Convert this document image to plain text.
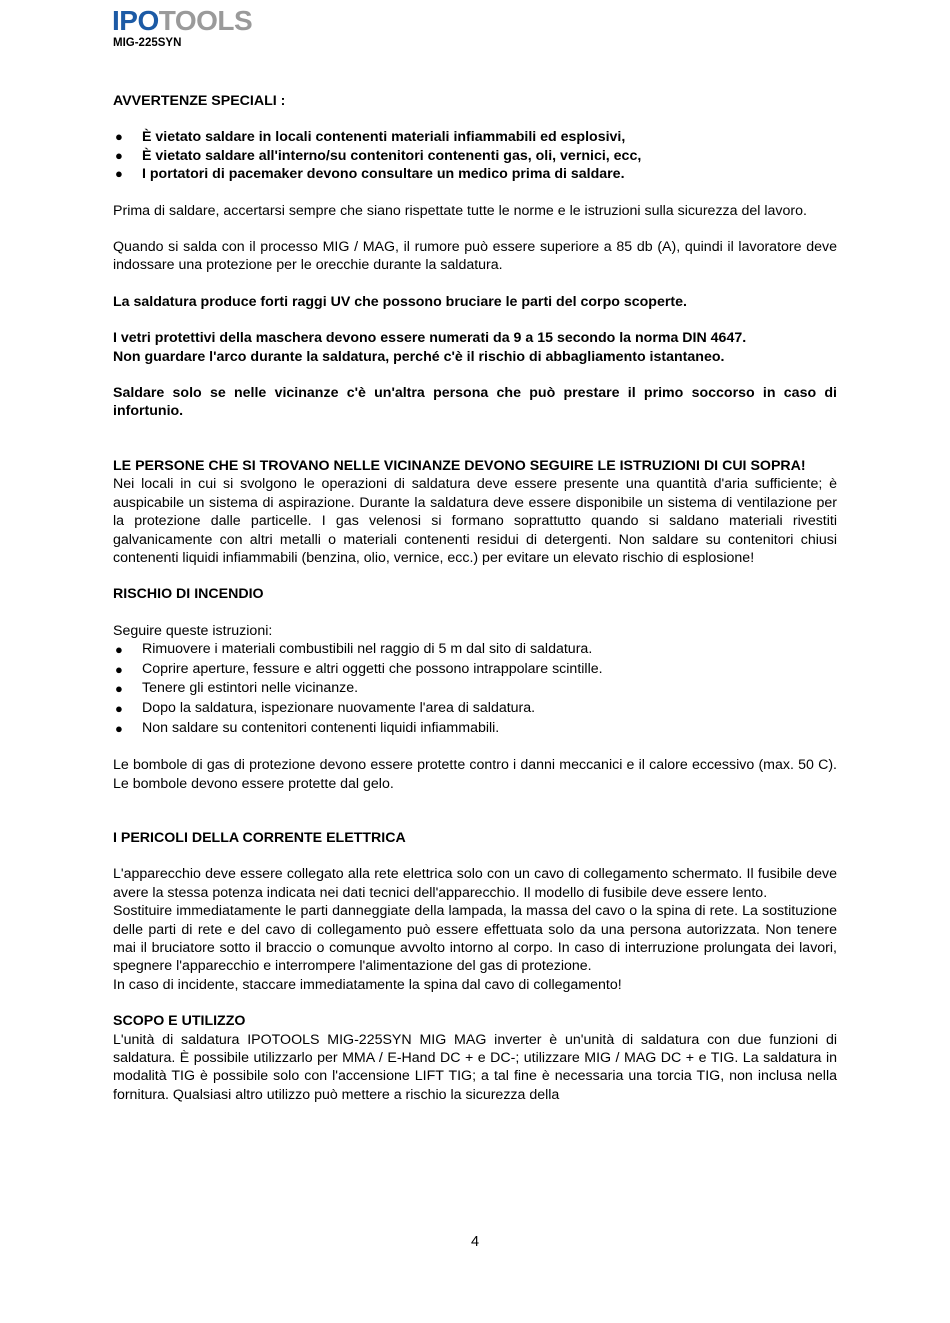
IPOTOOLS
MIG-225SYN

AVVERTENZE SPECIALI :

● È vietato saldare in locali contenenti materiali infiammabili ed esplosivi,
● È vietato saldare all'interno/su contenitori contenenti gas, oli, vernici, ecc,
● I portatori di pacemaker devono consultare un medico prima di saldare.

Prima di saldare, accertarsi sempre che siano rispettate tutte le norme e le istruzioni sulla sicurezza del lavoro.

Quando si salda con il processo MIG / MAG, il rumore può essere superiore a 85 db (A), quindi il lavoratore deve indossare una protezione per le orecchie durante la saldatura.

La saldatura produce forti raggi UV che possono bruciare le parti del corpo scoperte.

I vetri protettivi della maschera devono essere numerati da 9 a 15 secondo la norma DIN 4647.

Non guardare l'arco durante la saldatura, perché c'è il rischio di abbagliamento istantaneo.

Saldare solo se nelle vicinanze c'è un'altra persona che può prestare il primo soccorso in caso di infortunio.

LE PERSONE CHE SI TROVANO NELLE VICINANZE DEVONO SEGUIRE LE ISTRUZIONI DI CUI SOPRA!

Nei locali in cui si svolgono le operazioni di saldatura deve essere presente una quantità d'aria sufficiente; è auspicabile un sistema di aspirazione. Durante la saldatura deve essere disponibile un sistema di ventilazione per la protezione dalle particelle. I gas velenosi si formano soprattutto quando si saldano materiali rivestiti galvanicamente con altri metalli o materiali contenenti residui di detergenti. Non saldare su contenitori chiusi contenenti liquidi infiammabili (benzina, olio, vernice, ecc.) per evitare un elevato rischio di esplosione!

RISCHIO DI INCENDIO

Seguire queste istruzioni:

● Rimuovere i materiali combustibili nel raggio di 5 m dal sito di saldatura.
● Coprire aperture, fessure e altri oggetti che possono intrappolare scintille.
● Tenere gli estintori nelle vicinanze.
● Dopo la saldatura, ispezionare nuovamente l'area di saldatura.
● Non saldare su contenitori contenenti liquidi infiammabili.

Le bombole di gas di protezione devono essere protette contro i danni meccanici e il calore eccessivo (max. 50 C). Le bombole devono essere protette dal gelo.

I PERICOLI DELLA CORRENTE ELETTRICA

L'apparecchio deve essere collegato alla rete elettrica solo con un cavo di collegamento schermato. Il fusibile deve avere la stessa potenza indicata nei dati tecnici dell'apparecchio. Il modello di fusibile deve essere lento.

Sostituire immediatamente le parti danneggiate della lampada, la massa del cavo o la spina di rete. La sostituzione delle parti di rete e del cavo di collegamento può essere effettuata solo da una persona autorizzata. Non tenere mai il bruciatore sotto il braccio o comunque avvolto intorno al corpo. In caso di interruzione prolungata dei lavori, spegnere l'apparecchio e interrompere l'alimentazione del gas di protezione.

In caso di incidente, staccare immediatamente la spina dal cavo di collegamento!

SCOPO E UTILIZZO

L'unità di saldatura IPOTOOLS MIG-225SYN MIG MAG inverter è un'unità di saldatura con due funzioni di saldatura. È possibile utilizzarlo per MMA / E-Hand DC + e DC-; utilizzare MIG / MAG DC + e TIG. La saldatura in modalità TIG è possibile solo con l'accensione LIFT TIG; a tal fine è necessaria una torcia TIG, non inclusa nella fornitura. Qualsiasi altro utilizzo può mettere a rischio la sicurezza della

4
